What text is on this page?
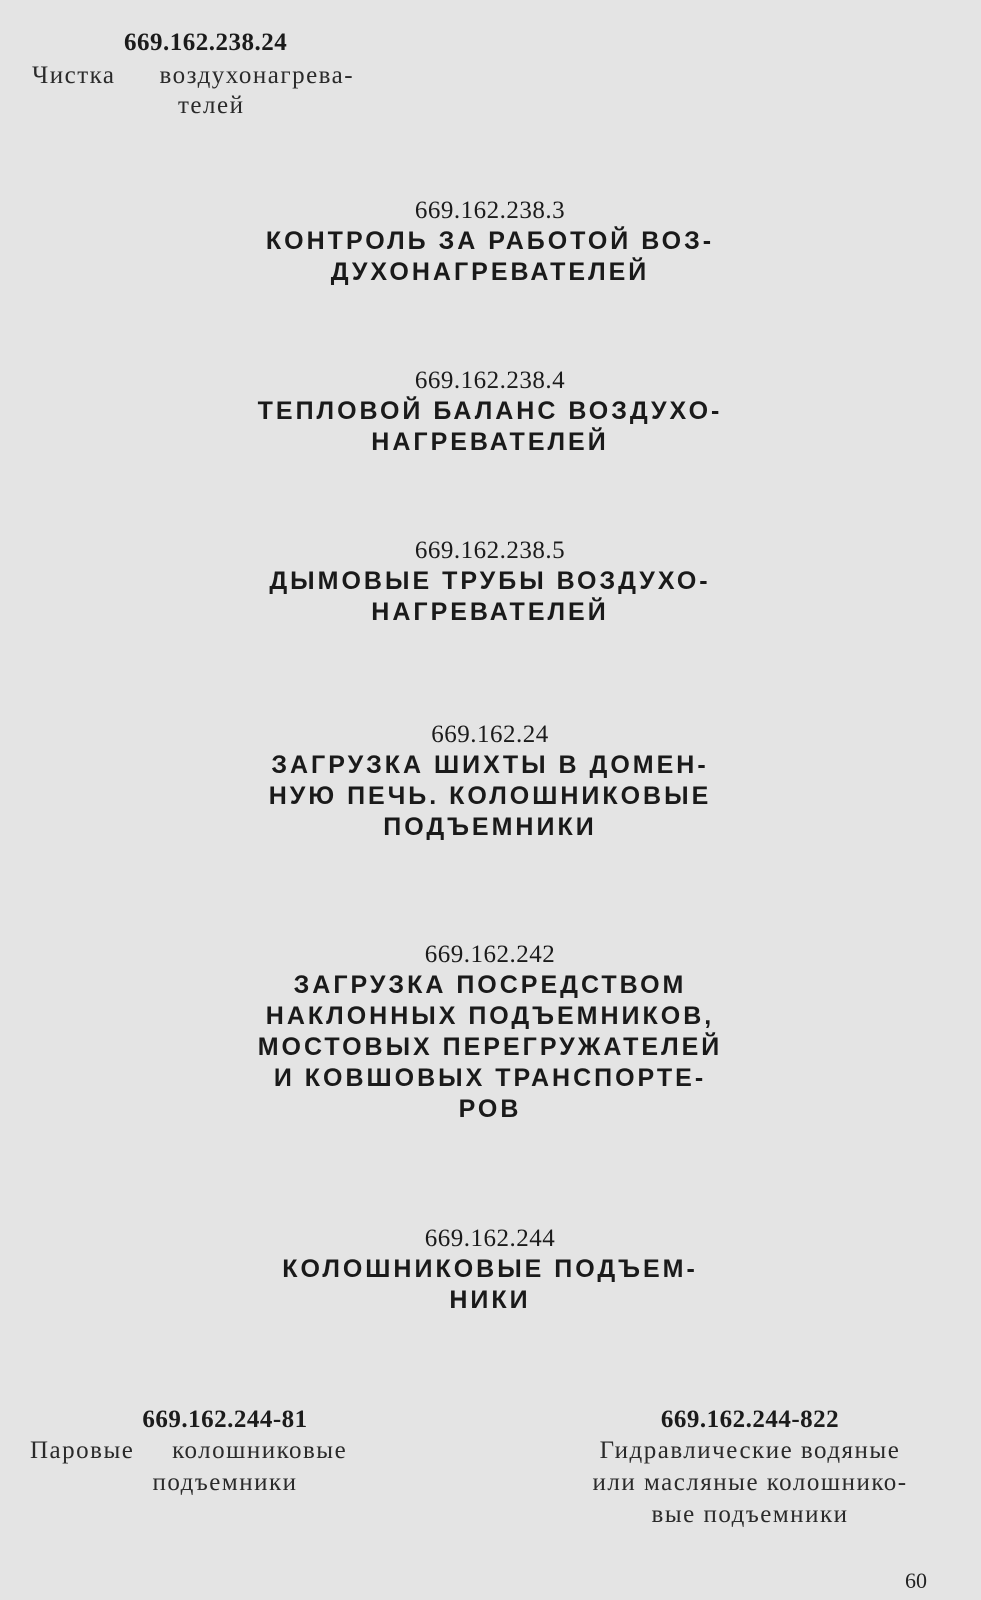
669.162.238.24
Чистка воздухонагрева-
телей
669.162.238.3
КОНТРОЛЬ ЗА РАБОТОЙ ВОЗ-
ДУХОНАГРЕВАТЕЛЕЙ
669.162.238.4
ТЕПЛОВОЙ БАЛАНС ВОЗДУХО-
НАГРЕВАТЕЛЕЙ
669.162.238.5
ДЫМОВЫЕ ТРУБЫ ВОЗДУХО-
НАГРЕВАТЕЛЕЙ
669.162.24
ЗАГРУЗКА ШИХТЫ В ДОМЕН-
НУЮ ПЕЧЬ. КОЛОШНИКОВЫЕ
ПОДЪЕМНИКИ
669.162.242
ЗАГРУЗКА ПОСРЕДСТВОМ
НАКЛОННЫХ ПОДЪЕМНИКОВ,
МОСТОВЫХ ПЕРЕГРУЖАТЕЛЕЙ
И КОВШОВЫХ ТРАНСПОРТЕ-
РОВ
669.162.244
КОЛОШНИКОВЫЕ ПОДЪЕМ-
НИКИ
669.162.244-81
Паровые колошниковые
подъемники
669.162.244-822
Гидравлические водяные
или масляные колошнико-
вые подъемники
60
